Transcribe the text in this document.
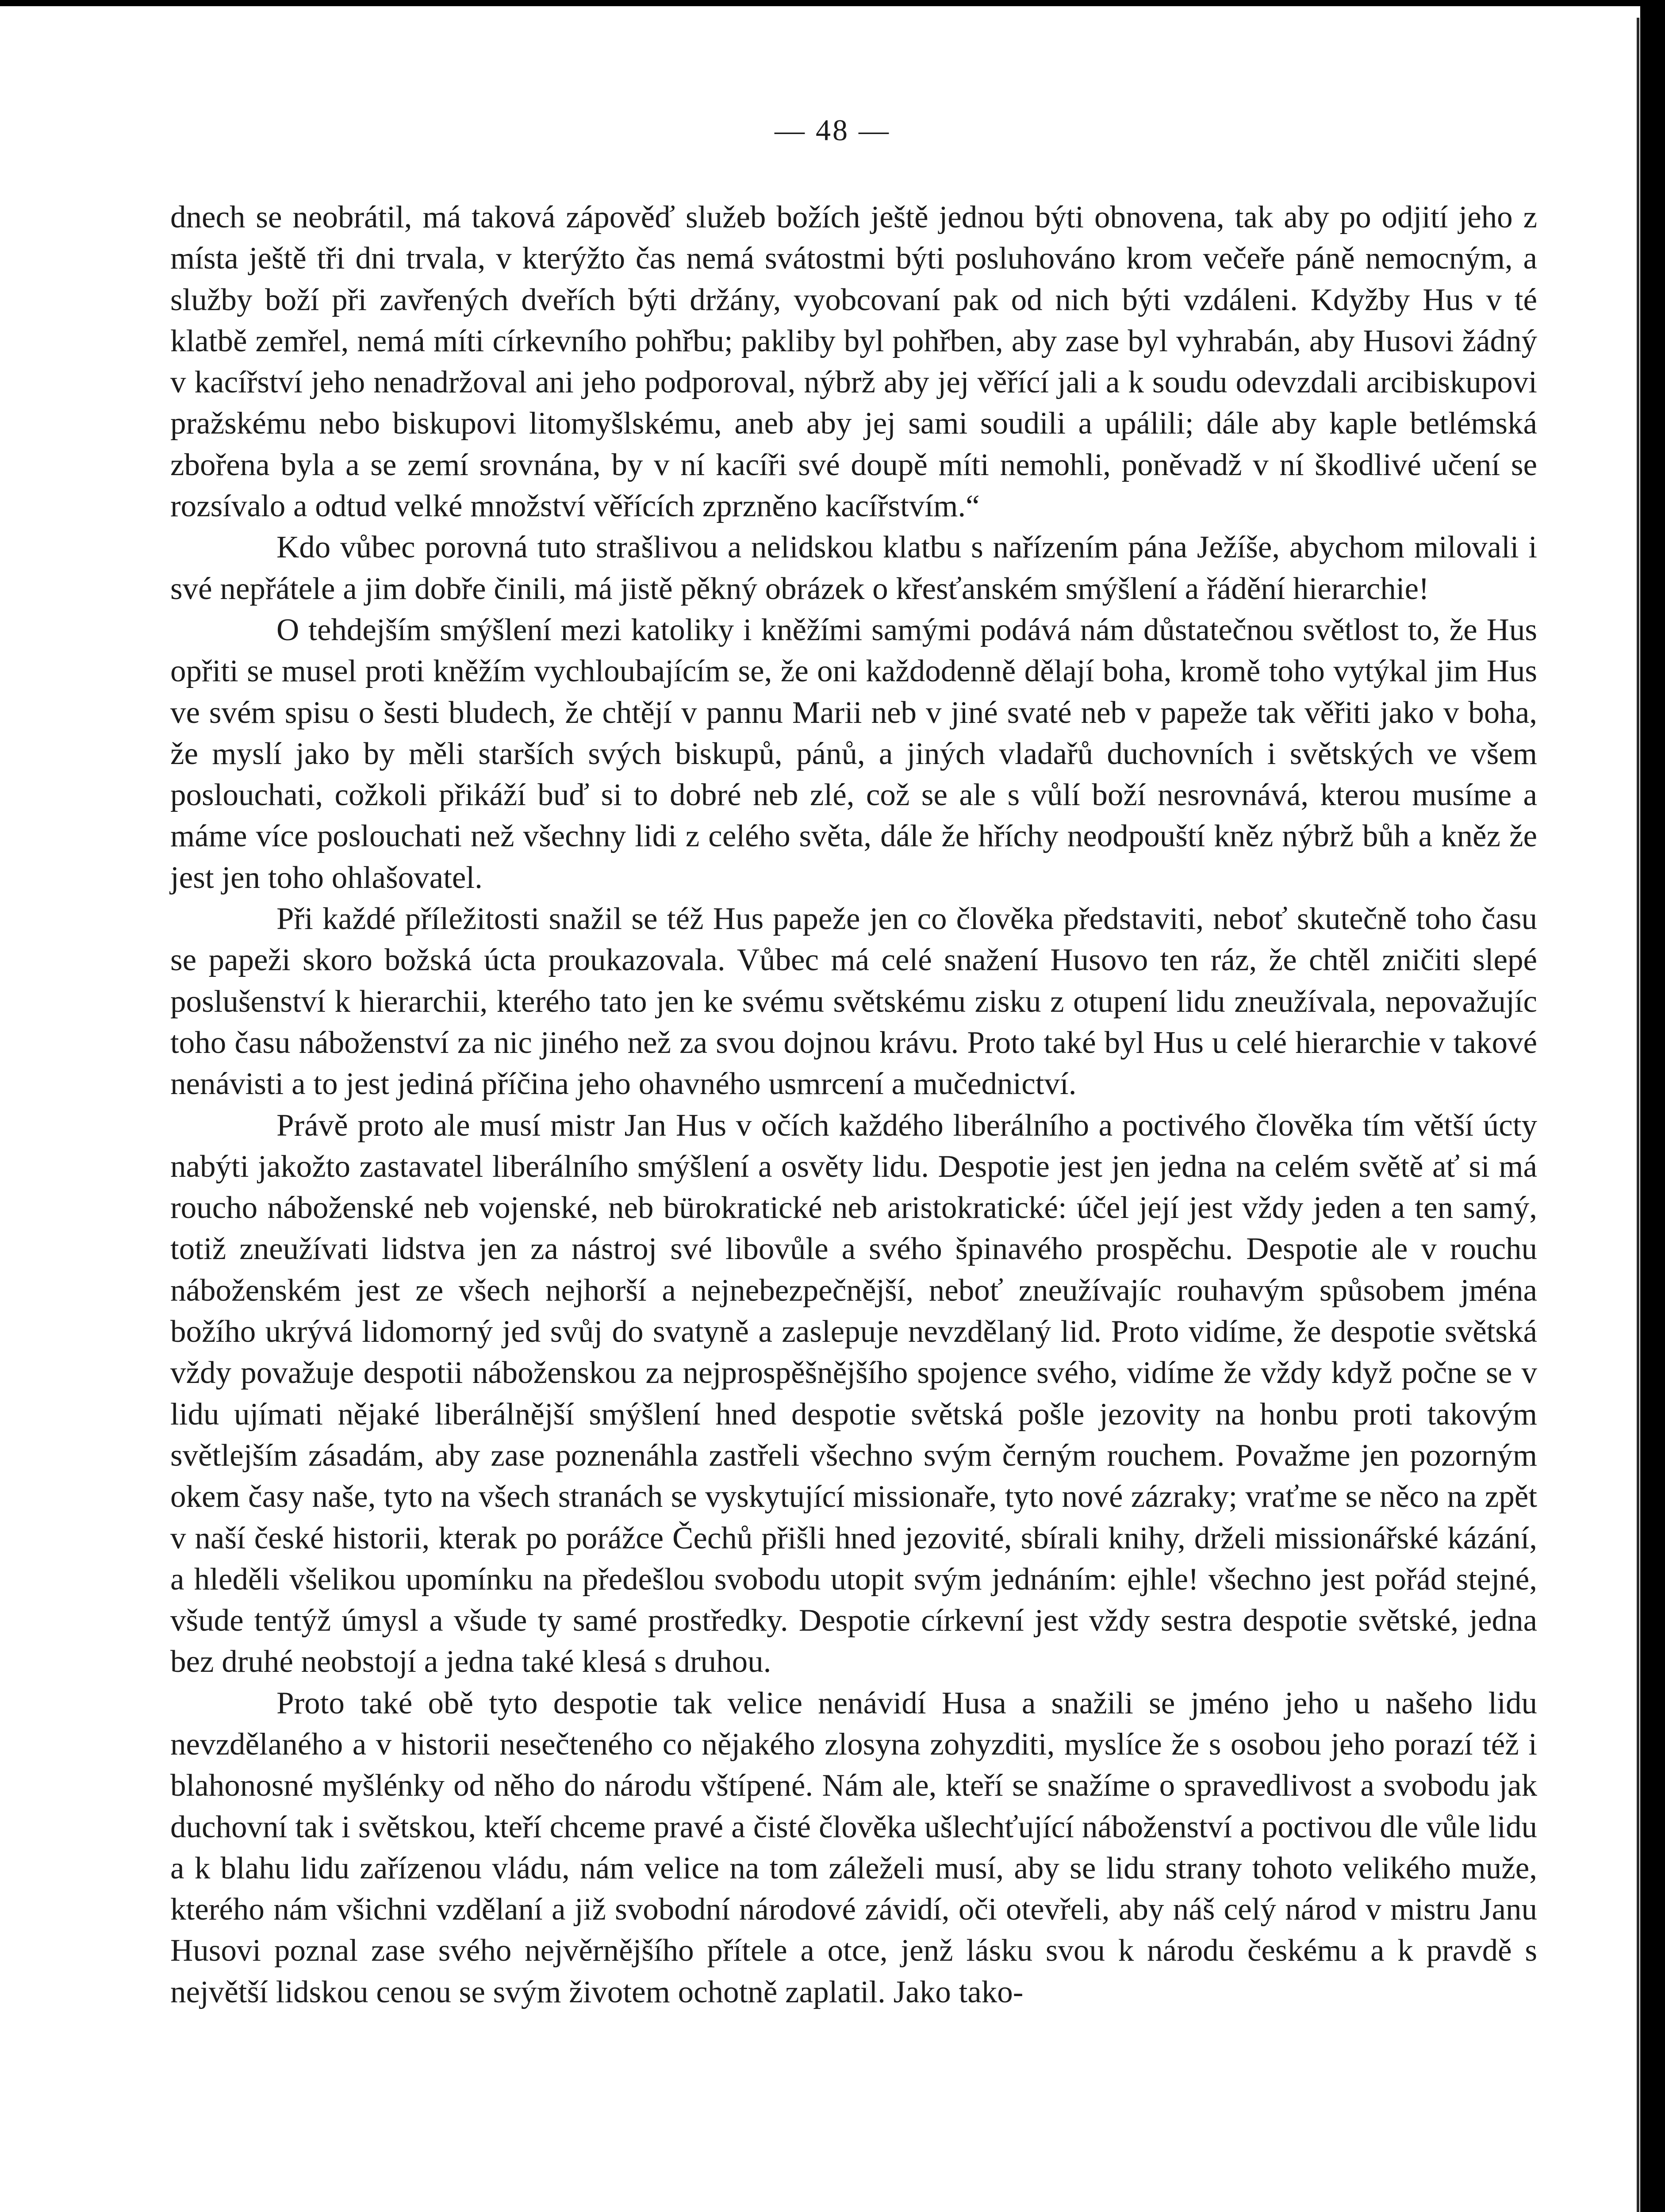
— 48 —

dnech se neobrátil, má taková zápověď služeb božích ještě jednou býti obnovena, tak aby po odjití jeho z místa ještě tři dni trvala, v kterýžto čas nemá svátostmi býti posluhováno krom večeře páně nemocným, a služby boží při zavřených dveřích býti držány, vyobcovaní pak od nich býti vzdáleni. Kdyžby Hus v té klatbě zemřel, nemá míti církevního pohřbu; pakliby byl pohřben, aby zase byl vyhrabán, aby Husovi žádný v kacířství jeho nenadržoval ani jeho podporoval, nýbrž aby jej věřící jali a k soudu odevzdali arcibiskupovi pražskému nebo biskupovi litomyšlskému, aneb aby jej sami soudili a upálili; dále aby kaple betlémská zbořena byla a se zemí srovnána, by v ní kacíři své doupě míti nemohli, poněvadž v ní škodlivé učení se rozsívalo a odtud velké množství věřících zprzněno kacířstvím.“

Kdo vůbec porovná tuto strašlivou a nelidskou klatbu s nařízením pána Ježíše, abychom milovali i své nepřátele a jim dobře činili, má jistě pěkný obrázek o křesťanském smýšlení a řádění hierarchie!

O tehdejším smýšlení mezi katoliky i kněžími samými podává nám důstatečnou světlost to, že Hus opřiti se musel proti kněžím vychloubajícím se, že oni každodenně dělají boha, kromě toho vytýkal jim Hus ve svém spisu o šesti bludech, že chtějí v pannu Marii neb v jiné svaté neb v papeže tak věřiti jako v boha, že myslí jako by měli starších svých biskupů, pánů, a jiných vladařů duchovních i světských ve všem poslouchati, cožkoli přikáží buď si to dobré neb zlé, což se ale s vůlí boží nesrovnává, kterou musíme a máme více poslouchati než všechny lidi z celého světa, dále že hříchy neodpouští kněz nýbrž bůh a kněz že jest jen toho ohlašovatel.

Při každé příležitosti snažil se též Hus papeže jen co člověka představiti, neboť skutečně toho času se papeži skoro božská úcta proukazovala. Vůbec má celé snažení Husovo ten ráz, že chtěl zničiti slepé poslušenství k hierarchii, kterého tato jen ke svému světskému zisku z otupení lidu zneužívala, nepovažujíc toho času náboženství za nic jiného než za svou dojnou krávu. Proto také byl Hus u celé hierarchie v takové nenávisti a to jest jediná příčina jeho ohavného usmrcení a mučednictví.

Právě proto ale musí mistr Jan Hus v očích každého liberálního a poctivého člověka tím větší úcty nabýti jakožto zastavatel liberálního smýšlení a osvěty lidu. Despotie jest jen jedna na celém světě ať si má roucho náboženské neb vojenské, neb bürokratické neb aristokratické: účel její jest vždy jeden a ten samý, totiž zneužívati lidstva jen za nástroj své libovůle a svého špinavého prospěchu. Despotie ale v rouchu náboženském jest ze všech nejhorší a nejnebezpečnější, neboť zneužívajíc rouhavým spůsobem jména božího ukrývá lidomorný jed svůj do svatyně a zaslepuje nevzdělaný lid. Proto vidíme, že despotie světská vždy považuje despotii náboženskou za nejprospěšnějšího spojence svého, vidíme že vždy když počne se v lidu ujímati nějaké liberálnější smýšlení hned despotie světská pošle jezovity na honbu proti takovým světlejším zásadám, aby zase poznenáhla zastřeli všechno svým černým rouchem. Považme jen pozorným okem časy naše, tyto na všech stranách se vyskytující missionaře, tyto nové zázraky; vraťme se něco na zpět v naší české historii, kterak po porážce Čechů přišli hned jezovité, sbírali knihy, drželi missionářské kázání, a hleděli všelikou upomínku na předešlou svobodu utopit svým jednáním: ejhle! všechno jest pořád stejné, všude tentýž úmysl a všude ty samé prostředky. Despotie církevní jest vždy sestra despotie světské, jedna bez druhé neobstojí a jedna také klesá s druhou.

Proto také obě tyto despotie tak velice nenávidí Husa a snažili se jméno jeho u našeho lidu nevzdělaného a v historii nesečteného co nějakého zlosyna zohyzditi, myslíce že s osobou jeho porazí též i blahonosné myšlénky od něho do národu vštípené. Nám ale, kteří se snažíme o spravedlivost a svobodu jak duchovní tak i světskou, kteří chceme pravé a čisté člověka ušlechťující náboženství a poctivou dle vůle lidu a k blahu lidu zařízenou vládu, nám velice na tom záleželi musí, aby se lidu strany tohoto velikého muže, kterého nám všichni vzdělaní a již svobodní národové závidí, oči otevřeli, aby náš celý národ v mistru Janu Husovi poznal zase svého nejvěrnějšího přítele a otce, jenž lásku svou k národu českému a k pravdě s největší lidskou cenou se svým životem ochotně zaplatil. Jako tako-
